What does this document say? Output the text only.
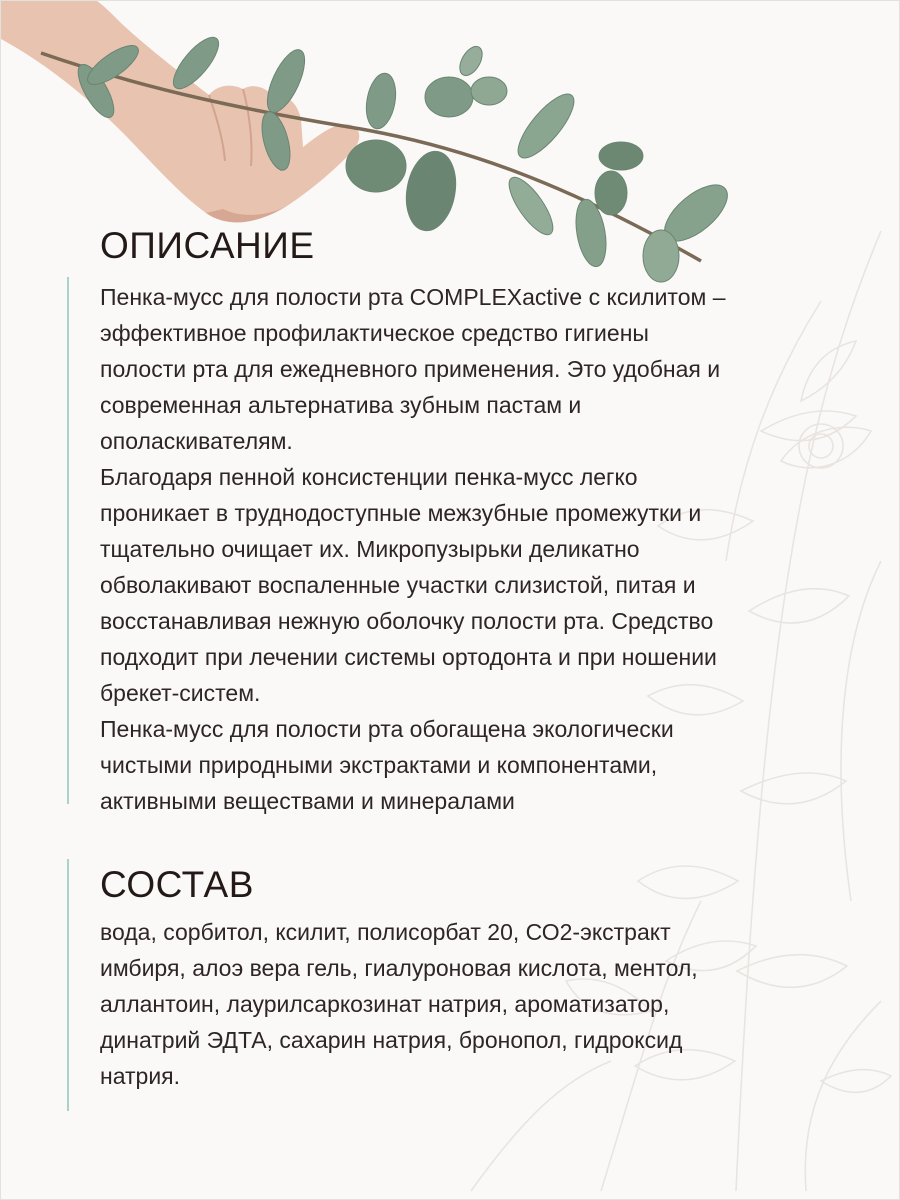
ОПИСАНИЕ
Пенка-мусс для полости рта COMPLEXactive с ксилитом –
эффективное профилактическое средство гигиены
полости рта для ежедневного применения. Это удобная и
современная альтернатива зубным пастам и
ополаскивателям.
Благодаря пенной консистенции пенка-мусс легко
проникает в труднодоступные межзубные промежутки и
тщательно очищает их. Микропузырьки деликатно
обволакивают воспаленные участки слизистой, питая и
восстанавливая нежную оболочку полости рта. Средство
подходит при лечении системы ортодонта и при ношении
брекет-систем.
Пенка-мусс для полости рта обогащена экологически
чистыми природными экстрактами и компонентами,
активными веществами и минералами
СОСТАВ
вода, сорбитол, ксилит, полисорбат 20, СО2-экстракт
имбиря, алоэ вера гель, гиалуроновая кислота, ментол,
аллантоин, лаурилсаркозинат натрия, ароматизатор,
динатрий ЭДТА, сахарин натрия, бронопол, гидроксид
натрия.
